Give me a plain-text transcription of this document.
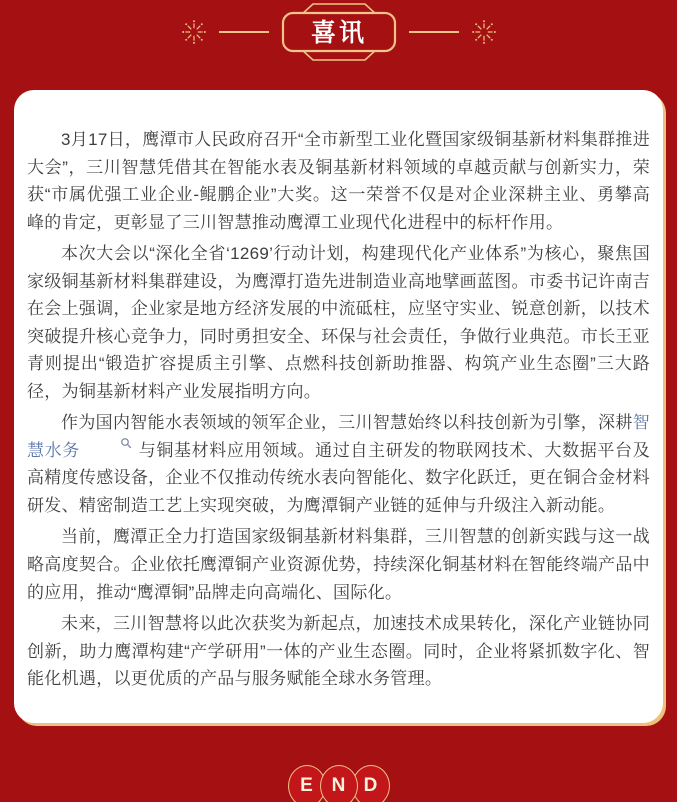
喜讯

3月17日，鹰潭市人民政府召开“全市新型工业化暨国家级铜基新材料集群推进大会”，三川智慧凭借其在智能水表及铜基新材料领域的卓越贡献与创新实力，荣获“市属优强工业企业-鲲鹏企业”大奖。这一荣誉不仅是对企业深耕主业、勇攀高峰的肯定，更彰显了三川智慧推动鹰潭工业现代化进程中的标杆作用。

本次大会以“深化全省‘1269’行动计划，构建现代化产业体系”为核心，聚焦国家级铜基新材料集群建设，为鹰潭打造先进制造业高地擘画蓝图。市委书记许南吉在会上强调，企业家是地方经济发展的中流砥柱，应坚守实业、锐意创新，以技术突破提升核心竞争力，同时勇担安全、环保与社会责任，争做行业典范。市长王亚青则提出“锻造扩容提质主引擎、点燃科技创新助推器、构筑产业生态圈”三大路径，为铜基新材料产业发展指明方向。

作为国内智能水表领域的领军企业，三川智慧始终以科技创新为引擎，深耕智慧水务	与铜基材料应用领域。通过自主研发的物联网技术、大数据平台及高精度传感设备，企业不仅推动传统水表向智能化、数字化跃迁，更在铜合金材料研发、精密制造工艺上实现突破，为鹰潭铜产业链的延伸与升级注入新动能。

当前，鹰潭正全力打造国家级铜基新材料集群，三川智慧的创新实践与这一战略高度契合。企业依托鹰潭铜产业资源优势，持续深化铜基材料在智能终端产品中的应用，推动“鹰潭铜”品牌走向高端化、国际化。

未来，三川智慧将以此次获奖为新起点，加速技术成果转化，深化产业链协同创新，助力鹰潭构建“产学研用”一体的产业生态圈。同时，企业将紧抓数字化、智能化机遇，以更优质的产品与服务赋能全球水务管理。

E N D
